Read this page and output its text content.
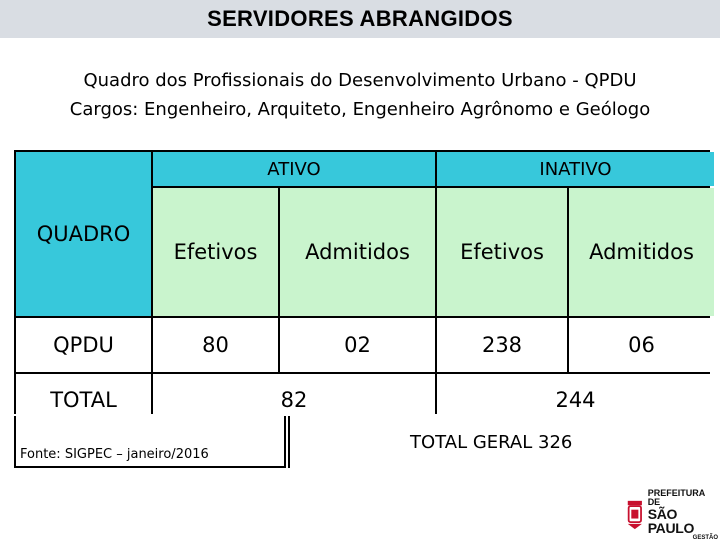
SERVIDORES ABRANGIDOS
Quadro dos Profissionais do Desenvolvimento Urbano - QPDU
Cargos: Engenheiro, Arquiteto, Engenheiro Agrônomo e Geólogo
QUADRO
ATIVO	INATIVO
Efetivos Admitidos Efetivos Admitidos
QPDU	80	02	238	06
TOTAL	82	244
Fonte: SIGPEC – janeiro/2016
TOTAL GERAL 326
PREFEITURA DE
SÃO PAULO
GESTÃO
